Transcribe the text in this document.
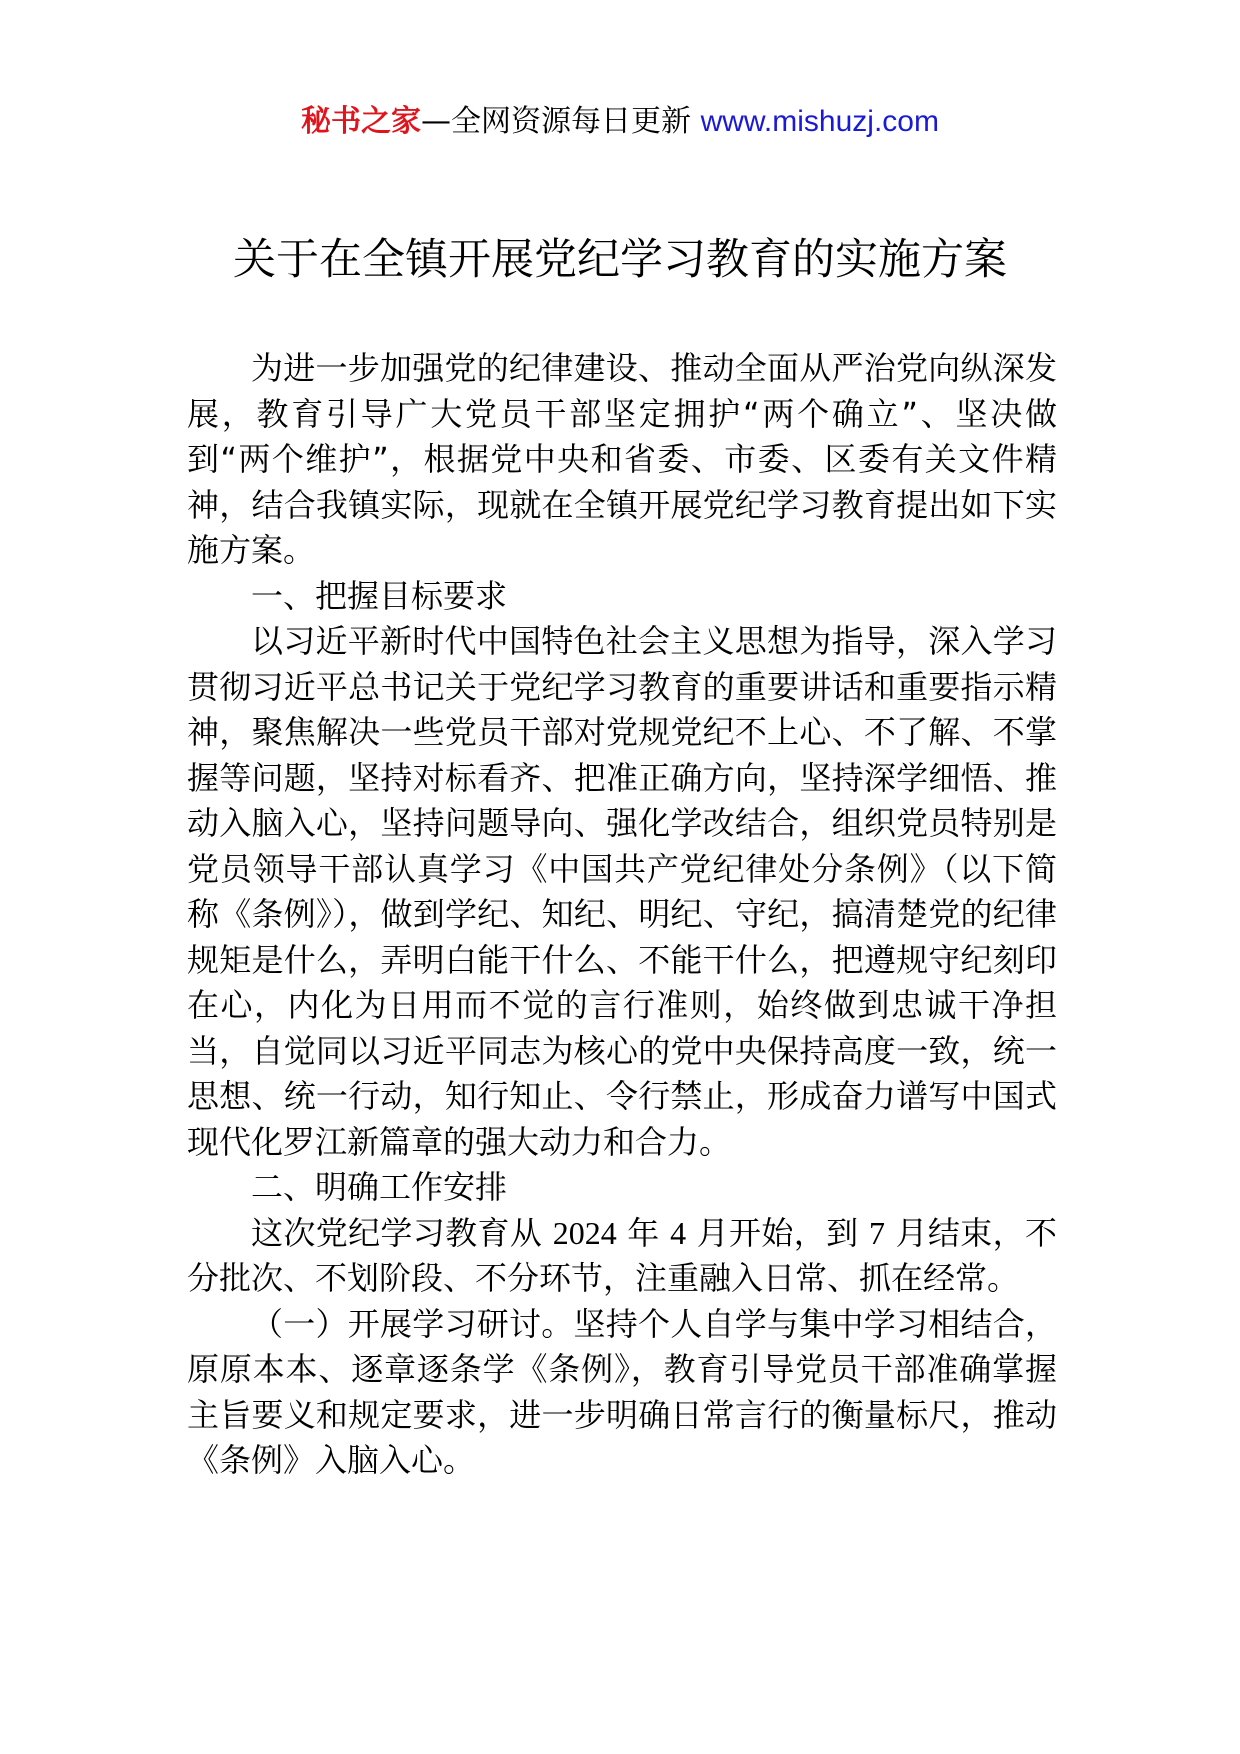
秘书之家—全网资源每日更新 www.mishuzj.com
关于在全镇开展党纪学习教育的实施方案

为进一步加强党的纪律建设、推动全面从严治党向纵深发展，教育引导广大党员干部坚定拥护“两个确立”、坚决做到“两个维护”，根据党中央和省委、市委、区委有关文件精神，结合我镇实际，现就在全镇开展党纪学习教育提出如下实施方案。

一、把握目标要求

以习近平新时代中国特色社会主义思想为指导，深入学习贯彻习近平总书记关于党纪学习教育的重要讲话和重要指示精神，聚焦解决一些党员干部对党规党纪不上心、不了解、不掌握等问题，坚持对标看齐、把准正确方向，坚持深学细悟、推动入脑入心，坚持问题导向、强化学改结合，组织党员特别是党员领导干部认真学习《中国共产党纪律处分条例》（以下简称《条例》），做到学纪、知纪、明纪、守纪，搞清楚党的纪律规矩是什么，弄明白能干什么、不能干什么，把遵规守纪刻印在心，内化为日用而不觉的言行准则，始终做到忠诚干净担当，自觉同以习近平同志为核心的党中央保持高度一致，统一思想、统一行动，知行知止、令行禁止，形成奋力谱写中国式现代化罗江新篇章的强大动力和合力。

二、明确工作安排

这次党纪学习教育从 2024 年 4 月开始，到 7 月结束，不分批次、不划阶段、不分环节，注重融入日常、抓在经常。

（一）开展学习研讨。坚持个人自学与集中学习相结合，原原本本、逐章逐条学《条例》，教育引导党员干部准确掌握主旨要义和规定要求，进一步明确日常言行的衡量标尺，推动《条例》入脑入心。
